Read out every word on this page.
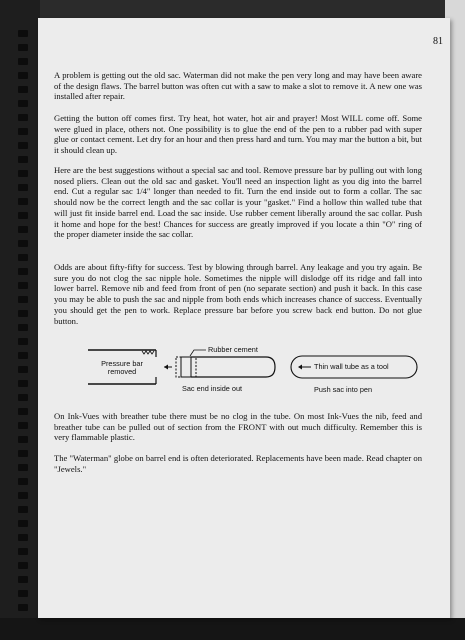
81

A problem is getting out the old sac. Waterman did not make the pen very long and may have been aware of the design flaws. The barrel button was often cut with a saw to make a slot to remove it. A new one was installed after repair.

Getting the button off comes first. Try heat, hot water, hot air and prayer! Most WILL come off. Some were glued in place, others not. One possibility is to glue the end of the pen to a rubber pad with super glue or contact cement. Let dry for an hour and then press hard and turn. You may mar the button a bit, but it should clean up.

Here are the best suggestions without a special sac and tool. Remove pressure bar by pulling out with long nosed pliers. Clean out the old sac and gasket. You'll need an inspection light as you dig into the barrel end. Cut a regular sac 1/4" longer than needed to fit. Turn the end inside out to form a collar. The sac should now be the correct length and the sac collar is your "gasket." Find a hollow thin walled tube that will just fit inside barrel end. Load the sac inside. Use rubber cement liberally around the sac collar. Push it home and hope for the best! Chances for success are greatly improved if you locate a thin "O" ring of the proper diameter inside the sac collar.

Odds are about fifty-fifty for success. Test by blowing through barrel. Any leakage and you try again. Be sure you do not clog the sac nipple hole. Sometimes the nipple will dislodge off its ridge and fall into lower barrel. Remove nib and feed from front of pen (no separate section) and push it back. In this case you may be able to push the sac and nipple from both ends which increases chance of success. Eventually you should get the pen to work. Replace pressure bar before you screw back end button. Do not glue button.

Pressure bar
removed
Rubber cement
Sac end inside out
Thin wall tube as a tool
Push sac into pen

On Ink-Vues with breather tube there must be no clog in the tube. On most Ink-Vues the nib, feed and breather tube can be pulled out of section from the FRONT with out much difficulty. Remember this is very flammable plastic.

The "Waterman" globe on barrel end is often deteriorated. Replacements have been made. Read chapter on "Jewels."
